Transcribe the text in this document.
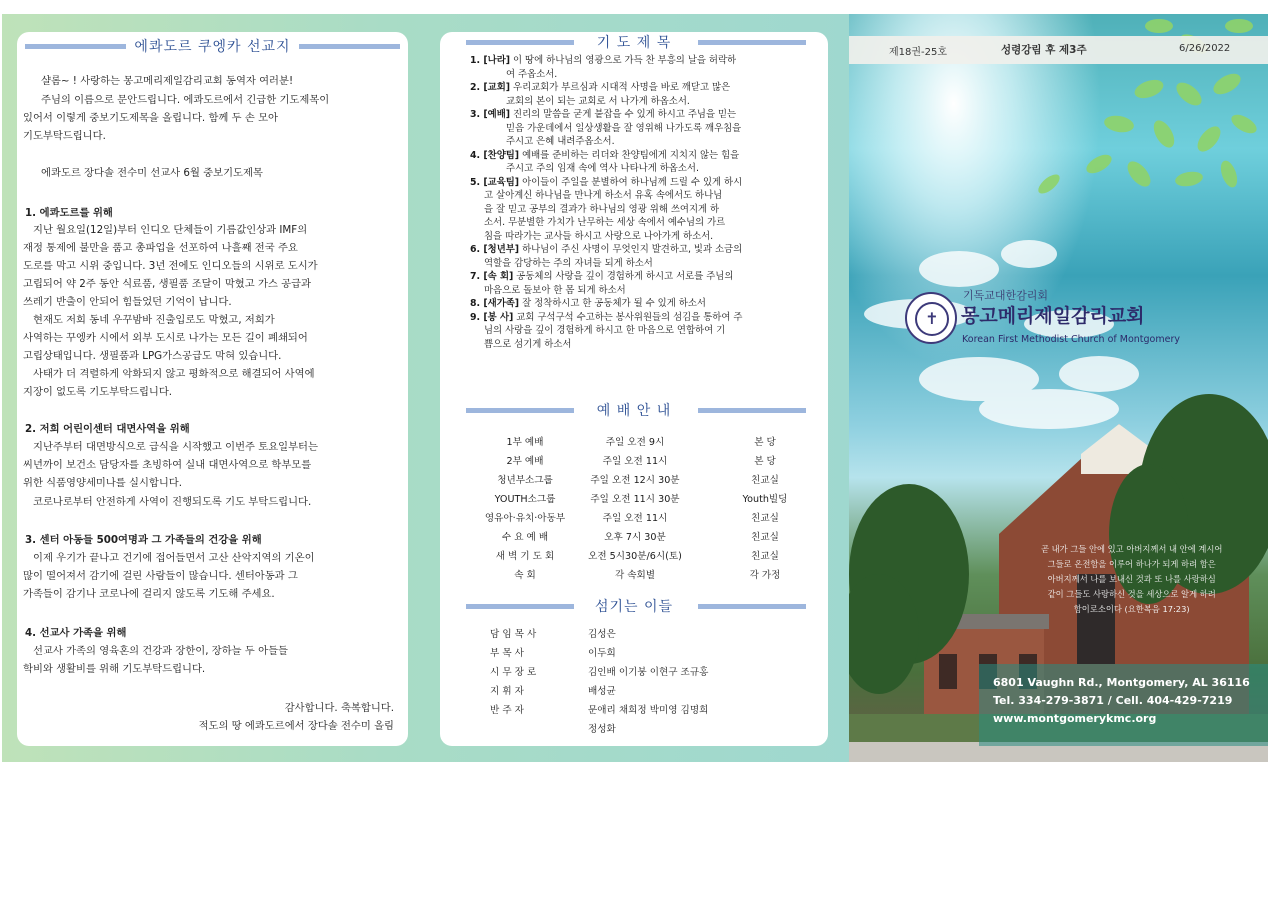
에콰도르 쿠엥카 선교지
샬롬~ ! 사랑하는 몽고메리제일감리교회 동역자 여러분!
주님의 이름으로 문안드립니다. 에콰도르에서 긴급한 기도제목이
있어서 이렇게 중보기도제목을 올립니다. 함께 두 손 모아
기도부탁드립니다.
에콰도르 장다솔 전수미 선교사 6월 중보기도제목
1. 에콰도르를 위해
지난 월요일(12일)부터 인디오 단체들이 기름값인상과 IMF의
재정 통제에 불만을 품고 총파업을 선포하여 나흘째 전국 주요
도로를 막고 시위 중입니다. 3년 전에도 인디오들의 시위로 도시가
고립되어 약 2주 동안 식료품, 생필품 조달이 막혔고 가스 공급과
쓰레기 반출이 안되어 힘들었던 기억이 납니다.
현재도 저희 동네 우꾸밤바 진출입로도 막혔고, 저희가
사역하는 꾸엥카 시에서 외부 도시로 나가는 모든 길이 폐쇄되어
고립상태입니다. 생필품과 LPG가스공급도 막혀 있습니다.
사태가 더 격렬하게 악화되지 않고 평화적으로 해결되어 사역에
지장이 없도록 기도부탁드립니다.
2. 저희 어린이센터 대면사역을 위해
지난주부터 대면방식으로 급식을 시작했고 이번주 토요일부터는
씨년까이 보건소 담당자를 초빙하여 실내 대면사역으로 학부모를
위한 식품영양세미나를 실시합니다.
코로나로부터 안전하게 사역이 진행되도록 기도 부탁드립니다.
3. 센터 아동들 500여명과 그 가족들의 건강을 위해
이제 우기가 끝나고 건기에 접어들면서 고산 산악지역의 기온이
많이 떨어져서 감기에 걸린 사람들이 많습니다. 센터아동과 그
가족들이 감기나 코로나에 걸리지 않도록 기도해 주세요.
4. 선교사 가족을 위해
선교사 가족의 영육혼의 건강과 장한이, 장하늘 두 아들들
학비와 생활비를 위해 기도부탁드립니다.
감사합니다. 축복합니다.
적도의 땅 에콰도르에서 장다솔 전수미 올림
기 도 제 목
1. [나라] 이 땅에 하나님의 영광으로 가득 찬 부흥의 날을 허락하
여 주옵소서.
2. [교회] 우리교회가 부르심과 시대적 사명을 바로 깨닫고 많은
교회의 본이 되는 교회로 서 나가게 하옵소서.
3. [예배] 진리의 말씀을 굳게 붙잡을 수 있게 하시고 주님을 믿는
믿음 가운데에서 일상생활을 잘 영위해 나가도록 깨우침을
주시고 은혜 내려주옵소서.
4. [찬양팀] 예배를 준비하는 리더와 찬양팀에게 지치지 않는 힘을
주시고 주의 임재 속에 역사 나타나게 하옵소서.
5. [교육팀] 아이들이 주일을 분별하여 하나님께 드릴 수 있게 하시
고 살아계신 하나님을 만나게 하소서 유혹 속에서도 하나님
을 잘 믿고 공부의 결과가 하나님의 영광 위해 쓰여지게 하
소서. 무분별한 가치가 난무하는 세상 속에서 예수님의 가르
침을 따라가는 교사들 하시고 사랑으로 나아가게 하소서.
6. [청년부] 하나님이 주신 사명이 무엇인지 발견하고, 빛과 소금의
역할을 감당하는 주의 자녀들 되게 하소서
7. [속 회] 공동체의 사랑을 깊이 경험하게 하시고 서로를 주님의
마음으로 돌보아 한 몸 되게 하소서
8. [새가족] 잘 정착하시고 한 공동체가 될 수 있게 하소서
9. [봉 사] 교회 구석구석 수고하는 봉사위원들의 섬김을 통하여 주
님의 사랑을 깊이 경험하게 하시고 한 마음으로 연합하여 기
쁨으로 섬기게 하소서
예 배 안 내
1부 예배	주일 오전 9시	본 당
2부 예배	주일 오전 11시	본 당
청년부소그룹	주일 오전 12시 30분	친교실
YOUTH소그룹	주일 오전 11시 30분	Youth빌딩
영유아·유치·아동부	주일 오전 11시	친교실
수 요 예 배	오후 7시 30분	친교실
새 벽 기 도 회	오전 5시30분/6시(토)	친교실
속 회	각 속회별	각 가정
섬기는 이들
담 임 목 사	김성은
부 목 사	이두희
시 무 장 로	김인배 이기붕 이현구 조규홍
지 휘 자	배성균
반 주 자	문애리 채희정 박미영 김명희
정성화
제18권-25호	성령강림 후 제3주	6/26/2022
✝
기독교대한감리회
몽고메리제일감리교회
Korean First Methodist Church of Montgomery
곧 내가 그들 안에 있고 아버지께서 내 안에 계시어
그들로 온전함을 이루어 하나가 되게 하려 함은
아버지께서 나를 보내신 것과 또 나를 사랑하심
같이 그들도 사랑하신 것을 세상으로 알게 하려
함이로소이다 (요한복음 17:23)
6801 Vaughn Rd., Montgomery, AL 36116
Tel. 334-279-3871 / Cell. 404-429-7219
www.montgomerykmc.org
